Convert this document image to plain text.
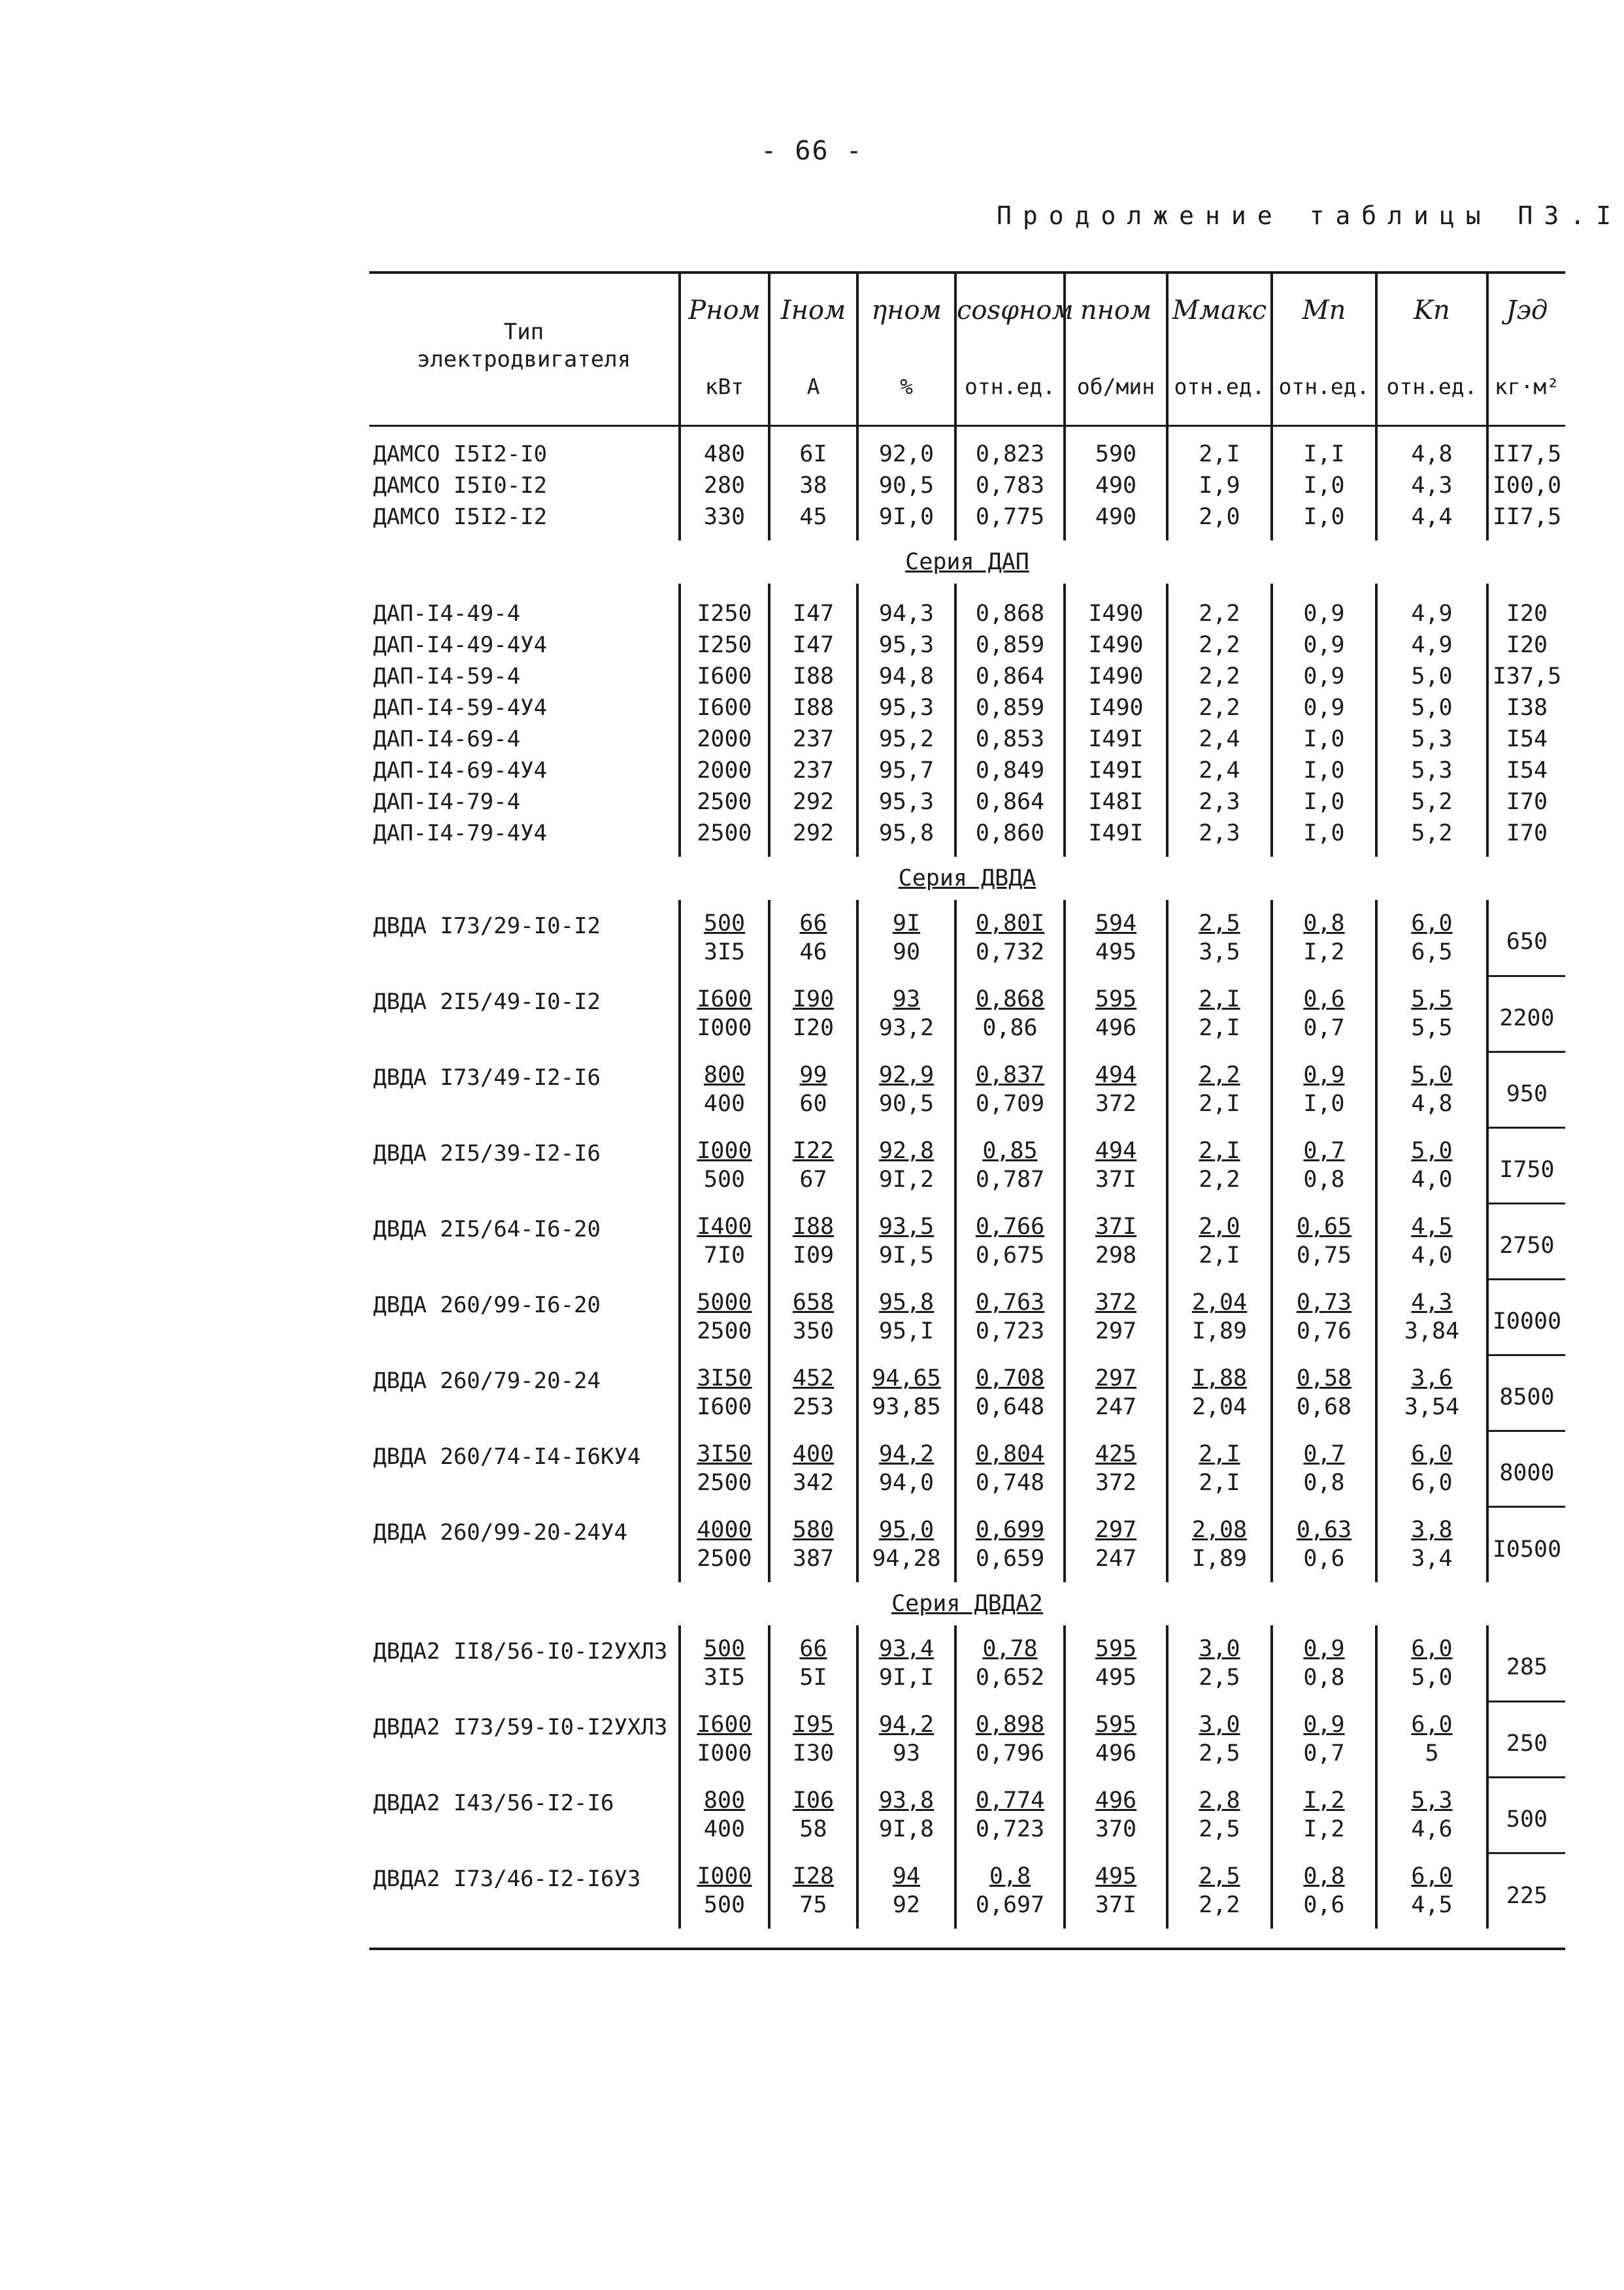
- 66 -
Продолжение таблицы П3.I
Тип
электродвигателя	Pном	Iном	ηном	cosφном	nном	Mмакс	Mп	Kп	Jэд
	кВт	А	%	отн.ед.	об/мин	отн.ед.	отн.ед.	отн.ед.	кг·м²
ДАМСО I5I2-I0	480	6I	92,0	0,823	590	2,I	I,I	4,8	II7,5
ДАМСО I5I0-I2	280	38	90,5	0,783	490	I,9	I,0	4,3	I00,0
ДАМСО I5I2-I2	330	45	9I,0	0,775	490	2,0	I,0	4,4	II7,5
Серия ДАП									
ДАП-I4-49-4	I250	I47	94,3	0,868	I490	2,2	0,9	4,9	I20
ДАП-I4-49-4У4	I250	I47	95,3	0,859	I490	2,2	0,9	4,9	I20
ДАП-I4-59-4	I600	I88	94,8	0,864	I490	2,2	0,9	5,0	I37,5
ДАП-I4-59-4У4	I600	I88	95,3	0,859	I490	2,2	0,9	5,0	I38
ДАП-I4-69-4	2000	237	95,2	0,853	I49I	2,4	I,0	5,3	I54
ДАП-I4-69-4У4	2000	237	95,7	0,849	I49I	2,4	I,0	5,3	I54
ДАП-I4-79-4	2500	292	95,3	0,864	I48I	2,3	I,0	5,2	I70
ДАП-I4-79-4У4	2500	292	95,8	0,860	I49I	2,3	I,0	5,2	I70
Серия ДВДА									
ДВДА I73/29-I0-I2	500	66	9I	0,80I	594	2,5	0,8	6,0	650
	3I5	46	90	0,732	495	3,5	I,2	6,5	
ДВДА 2I5/49-I0-I2	I600	I90	93	0,868	595	2,I	0,6	5,5	2200
	I000	I20	93,2	0,86	496	2,I	0,7	5,5	
ДВДА I73/49-I2-I6	800	99	92,9	0,837	494	2,2	0,9	5,0	950
	400	60	90,5	0,709	372	2,I	I,0	4,8	
ДВДА 2I5/39-I2-I6	I000	I22	92,8	0,85	494	2,I	0,7	5,0	I750
	500	67	9I,2	0,787	37I	2,2	0,8	4,0	
ДВДА 2I5/64-I6-20	I400	I88	93,5	0,766	37I	2,0	0,65	4,5	2750
	7I0	I09	9I,5	0,675	298	2,I	0,75	4,0	
ДВДА 260/99-I6-20	5000	658	95,8	0,763	372	2,04	0,73	4,3	I0000
	2500	350	95,I	0,723	297	I,89	0,76	3,84	
ДВДА 260/79-20-24	3I50	452	94,65	0,708	297	I,88	0,58	3,6	8500
	I600	253	93,85	0,648	247	2,04	0,68	3,54	
ДВДА 260/74-I4-I6КУ4	3I50	400	94,2	0,804	425	2,I	0,7	6,0	8000
	2500	342	94,0	0,748	372	2,I	0,8	6,0	
ДВДА 260/99-20-24У4	4000	580	95,0	0,699	297	2,08	0,63	3,8	I0500
	2500	387	94,28	0,659	247	I,89	0,6	3,4	
Серия ДВДА2									
ДВДА2 II8/56-I0-I2УХЛ3	500	66	93,4	0,78	595	3,0	0,9	6,0	285
	3I5	5I	9I,I	0,652	495	2,5	0,8	5,0	
ДВДА2 I73/59-I0-I2УХЛ3	I600	I95	94,2	0,898	595	3,0	0,9	6,0	250
	I000	I30	93	0,796	496	2,5	0,7	5	
ДВДА2 I43/56-I2-I6	800	I06	93,8	0,774	496	2,8	I,2	5,3	500
	400	58	9I,8	0,723	370	2,5	I,2	4,6	
ДВДА2 I73/46-I2-I6У3	I000	I28	94	0,8	495	2,5	0,8	6,0	225
	500	75	92	0,697	37I	2,2	0,6	4,5	
